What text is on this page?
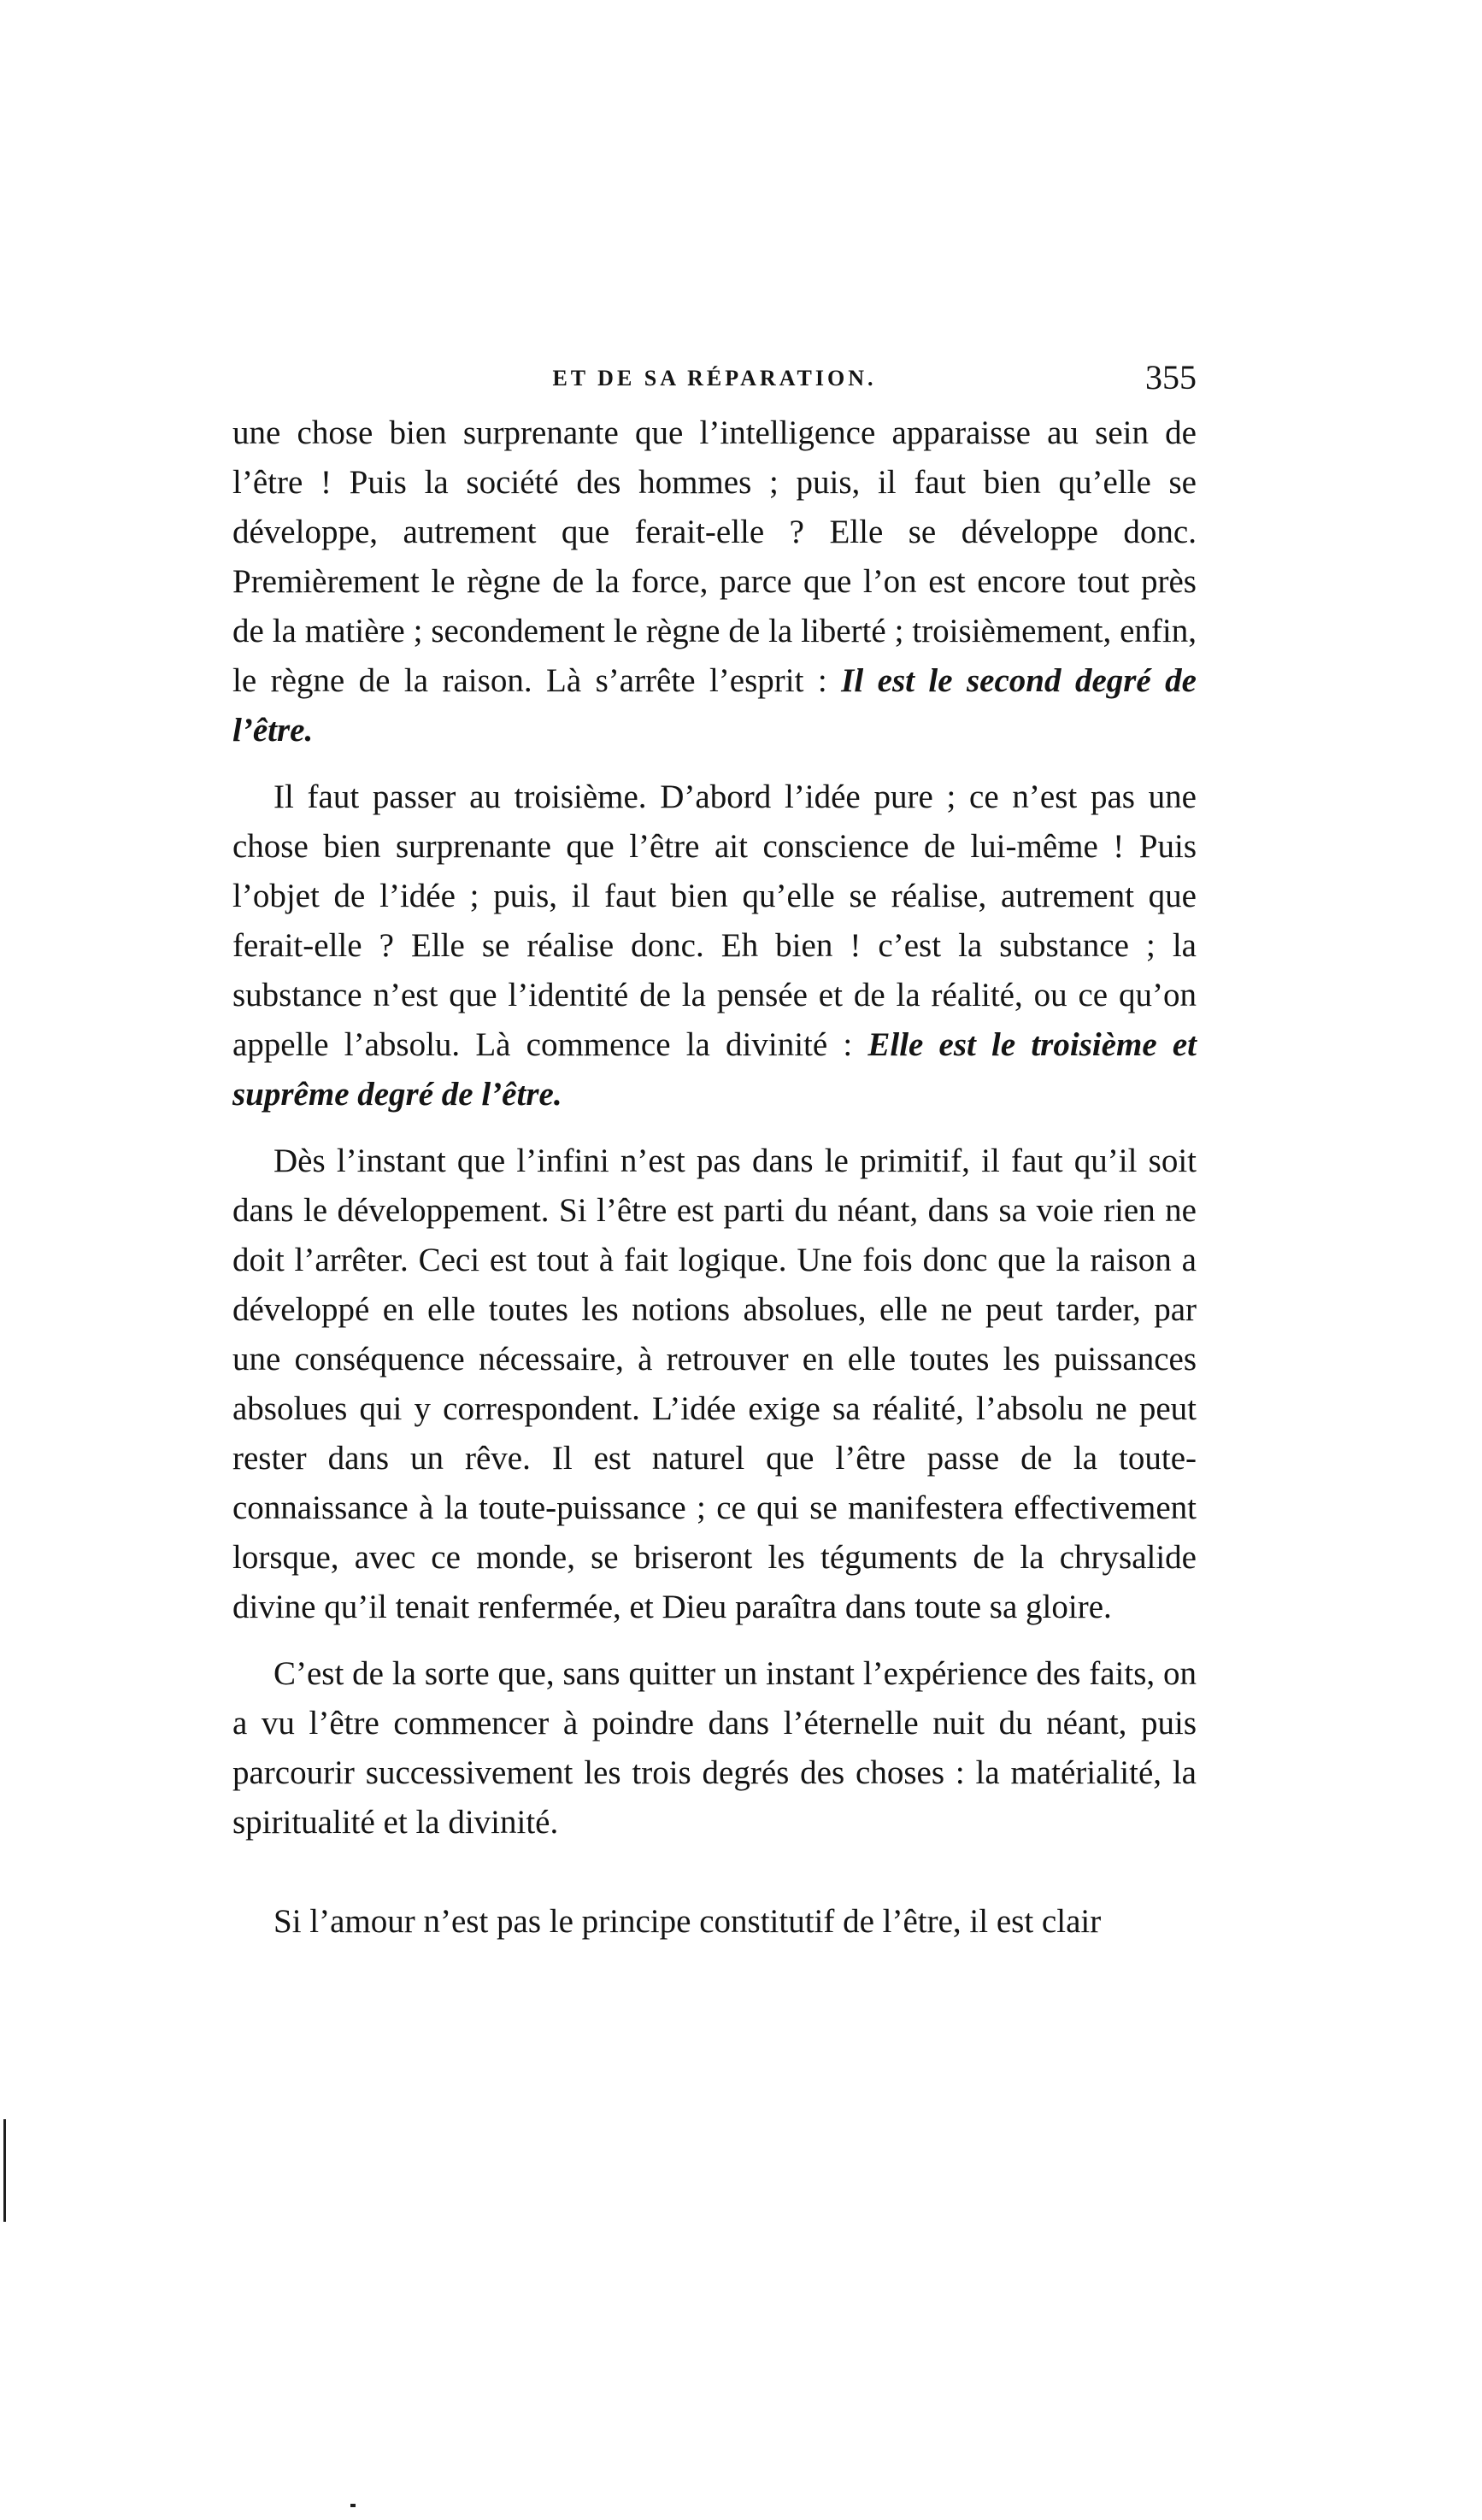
ET DE SA RÉPARATION.	355

une chose bien surprenante que l’intelligence apparaisse au sein de l’être ! Puis la société des hommes ; puis, il faut bien qu’elle se développe, autrement que ferait-elle ? Elle se développe donc. Premièrement le règne de la force, parce que l’on est encore tout près de la matière ; secondement le règne de la liberté ; troisièmement, enfin, le règne de la raison. Là s’arrête l’esprit : Il est le second degré de l’être.

Il faut passer au troisième. D’abord l’idée pure ; ce n’est pas une chose bien surprenante que l’être ait conscience de lui-même ! Puis l’objet de l’idée ; puis, il faut bien qu’elle se réalise, autrement que ferait-elle ? Elle se réalise donc. Eh bien ! c’est la substance ; la substance n’est que l’identité de la pensée et de la réalité, ou ce qu’on appelle l’absolu. Là commence la divinité : Elle est le troisième et suprême degré de l’être.

Dès l’instant que l’infini n’est pas dans le primitif, il faut qu’il soit dans le développement. Si l’être est parti du néant, dans sa voie rien ne doit l’arrêter. Ceci est tout à fait logique. Une fois donc que la raison a développé en elle toutes les notions absolues, elle ne peut tarder, par une conséquence nécessaire, à retrouver en elle toutes les puissances absolues qui y correspondent. L’idée exige sa réalité, l’absolu ne peut rester dans un rêve. Il est naturel que l’être passe de la toute-connaissance à la toute-puissance ; ce qui se manifestera effectivement lorsque, avec ce monde, se briseront les téguments de la chrysalide divine qu’il tenait renfermée, et Dieu paraîtra dans toute sa gloire.

C’est de la sorte que, sans quitter un instant l’expérience des faits, on a vu l’être commencer à poindre dans l’éternelle nuit du néant, puis parcourir successivement les trois degrés des choses : la matérialité, la spiritualité et la divinité.

Si l’amour n’est pas le principe constitutif de l’être, il est clair
